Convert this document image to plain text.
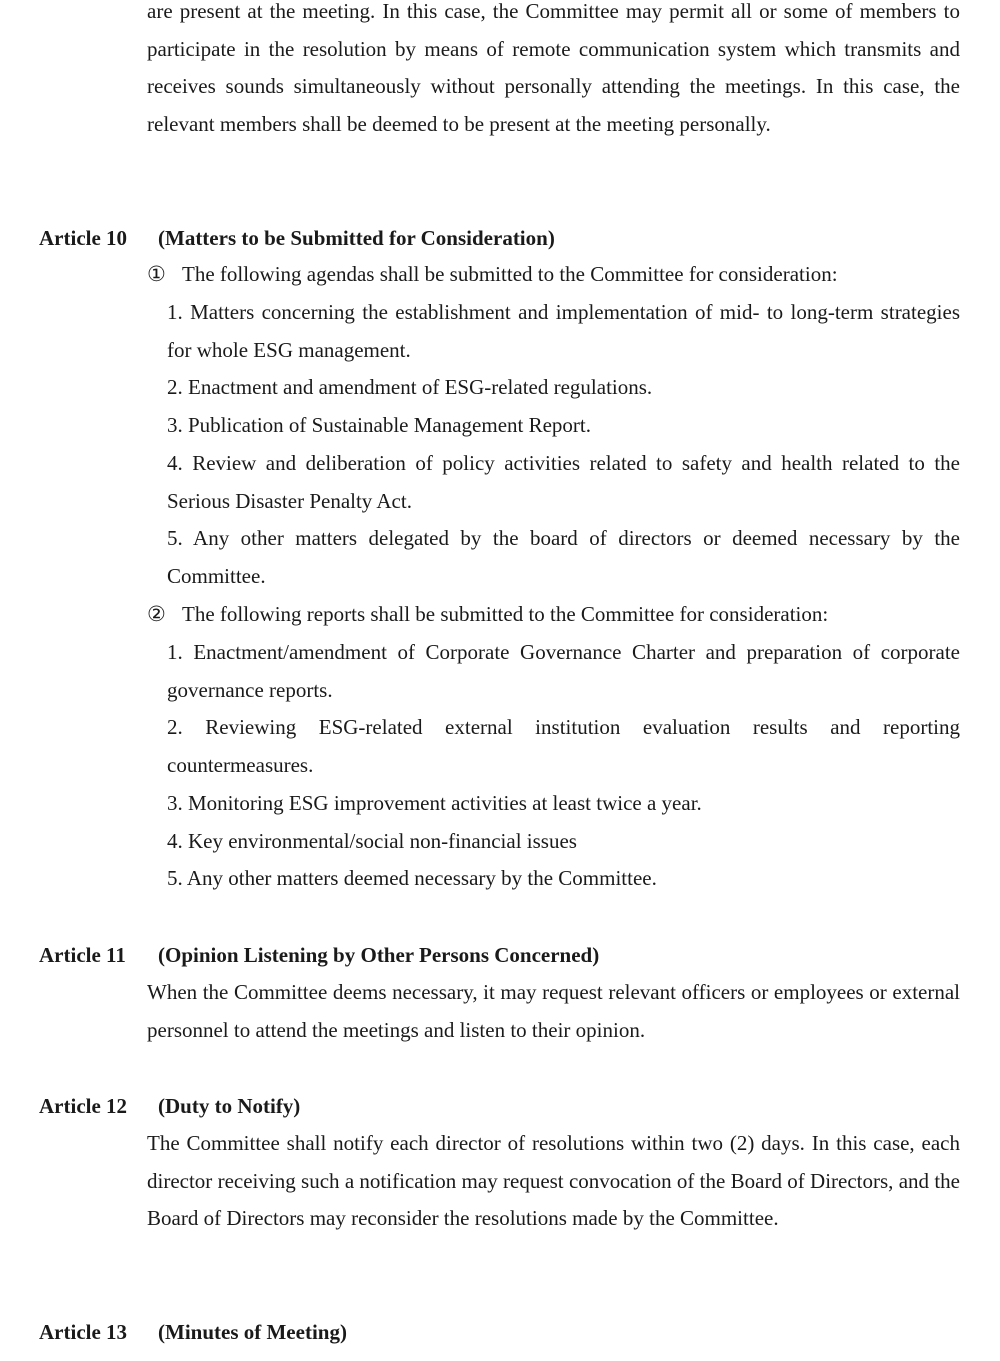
are present at the meeting. In this case, the Committee may permit all or some of members to participate in the resolution by means of remote communication system which transmits and receives sounds simultaneously without personally attending the meetings. In this case, the relevant members shall be deemed to be present at the meeting personally.

Article 10 (Matters to be Submitted for Consideration)

① The following agendas shall be submitted to the Committee for consideration:

1. Matters concerning the establishment and implementation of mid- to long-term strategies for whole ESG management.

2. Enactment and amendment of ESG-related regulations.

3. Publication of Sustainable Management Report.

4. Review and deliberation of policy activities related to safety and health related to the Serious Disaster Penalty Act.

5. Any other matters delegated by the board of directors or deemed necessary by the Committee.

② The following reports shall be submitted to the Committee for consideration:

1. Enactment/amendment of Corporate Governance Charter and preparation of corporate governance reports.

2. Reviewing ESG-related external institution evaluation results and reporting countermeasures.

3. Monitoring ESG improvement activities at least twice a year.

4. Key environmental/social non-financial issues

5. Any other matters deemed necessary by the Committee.

Article 11 (Opinion Listening by Other Persons Concerned)

When the Committee deems necessary, it may request relevant officers or employees or external personnel to attend the meetings and listen to their opinion.

Article 12 (Duty to Notify)

The Committee shall notify each director of resolutions within two (2) days. In this case, each director receiving such a notification may request convocation of the Board of Directors, and the Board of Directors may reconsider the resolutions made by the Committee.

Article 13 (Minutes of Meeting)
